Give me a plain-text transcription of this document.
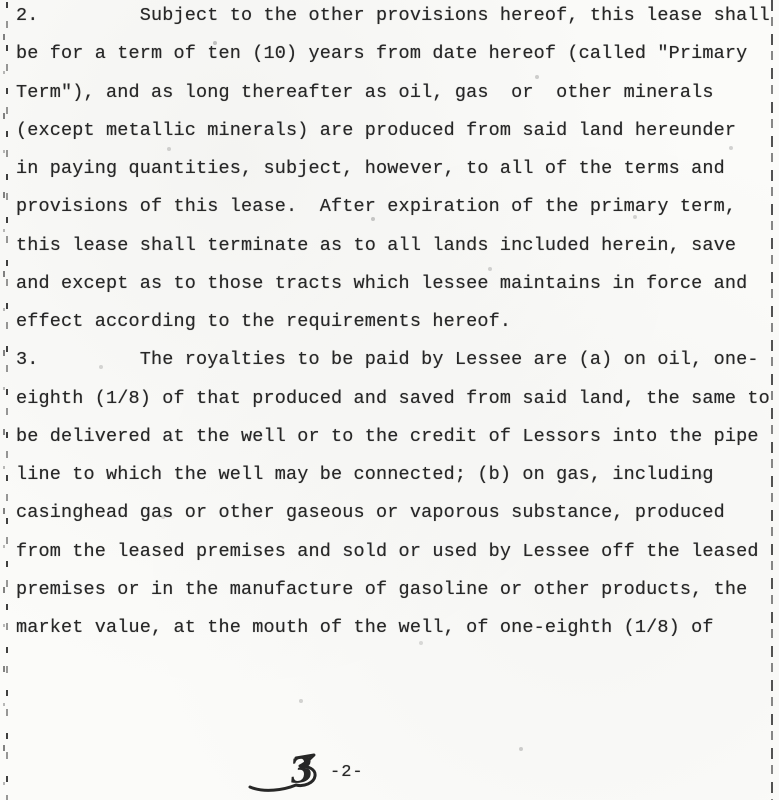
2.         Subject to the other provisions hereof, this lease shall
be for a term of ten (10) years from date hereof (called "Primary
Term"), and as long thereafter as oil, gas  or  other minerals
(except metallic minerals) are produced from said land hereunder
in paying quantities, subject, however, to all of the terms and
provisions of this lease.  After expiration of the primary term,
this lease shall terminate as to all lands included herein, save
and except as to those tracts which lessee maintains in force and
effect according to the requirements hereof.
3.         The royalties to be paid by Lessee are (a) on oil, one-
eighth (1/8) of that produced and saved from said land, the same to
be delivered at the well or to the credit of Lessors into the pipe
line to which the well may be connected; (b) on gas, including
casinghead gas or other gaseous or vaporous substance, produced
from the leased premises and sold or used by Lessee off the leased
premises or in the manufacture of gasoline or other products, the
market value, at the mouth of the well, of one-eighth (1/8) of
3 -2-
